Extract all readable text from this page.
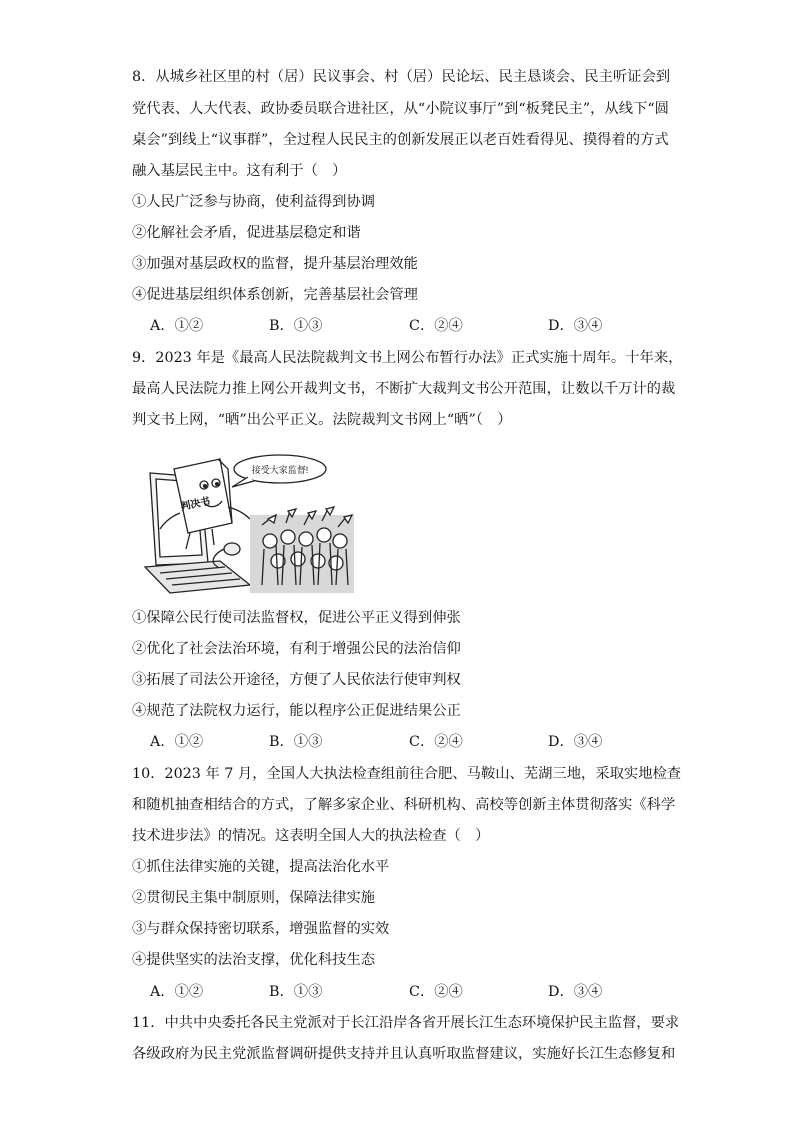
8．从城乡社区里的村（居）民议事会、村（居）民论坛、民主恳谈会、民主听证会到
党代表、人大代表、政协委员联合进社区，从“小院议事厅”到“板凳民主”，从线下“圆
桌会”到线上“议事群”，全过程人民民主的创新发展正以老百姓看得见、摸得着的方式
融入基层民主中。这有利于（　）
①人民广泛参与协商，使利益得到协调
②化解社会矛盾，促进基层稳定和谐
③加强对基层政权的监督，提升基层治理效能
④促进基层组织体系创新，完善基层社会管理
A．①②	B．①③	C．②④	D．③④
9．2023 年是《最高人民法院裁判文书上网公布暂行办法》正式实施十周年。十年来，
最高人民法院力推上网公开裁判文书，不断扩大裁判文书公开范围，让数以千万计的裁
判文书上网，“晒”出公平正义。法院裁判文书网上“晒”（　）
接受大家监督!
判决书
①保障公民行使司法监督权，促进公平正义得到伸张
②优化了社会法治环境，有利于增强公民的法治信仰
③拓展了司法公开途径，方便了人民依法行使审判权
④规范了法院权力运行，能以程序公正促进结果公正
A．①②	B．①③	C．②④	D．③④
10．2023 年 7 月，全国人大执法检查组前往合肥、马鞍山、芜湖三地，采取实地检查
和随机抽查相结合的方式，了解多家企业、科研机构、高校等创新主体贯彻落实《科学
技术进步法》的情况。这表明全国人大的执法检查（　）
①抓住法律实施的关键，提高法治化水平
②贯彻民主集中制原则，保障法律实施
③与群众保持密切联系，增强监督的实效
④提供坚实的法治支撑，优化科技生态
A．①②	B．①③	C．②④	D．③④
11．中共中央委托各民主党派对于长江沿岸各省开展长江生态环境保护民主监督，要求
各级政府为民主党派监督调研提供支持并且认真听取监督建议，实施好长江生态修复和
